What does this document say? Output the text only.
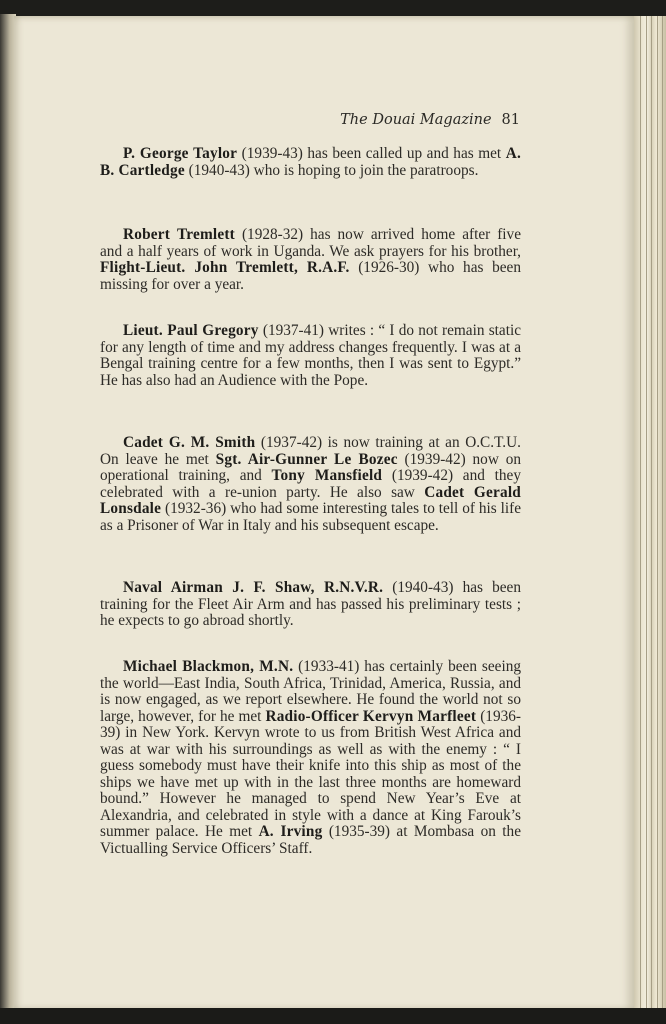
The Douai Magazine 81

P. George Taylor (1939-43) has been called up and has met A. B. Cartledge (1940-43) who is hoping to join the paratroops.

Robert Tremlett (1928-32) has now arrived home after five and a half years of work in Uganda. We ask prayers for his brother, Flight-Lieut. John Tremlett, R.A.F. (1926-30) who has been missing for over a year.

Lieut. Paul Gregory (1937-41) writes : “ I do not remain static for any length of time and my address changes frequently. I was at a Bengal training centre for a few months, then I was sent to Egypt.” He has also had an Audience with the Pope.

Cadet G. M. Smith (1937-42) is now training at an O.C.T.U. On leave he met Sgt. Air-Gunner Le Bozec (1939-42) now on operational training, and Tony Mansfield (1939-42) and they celebrated with a re-union party. He also saw Cadet Gerald Lonsdale (1932-36) who had some interesting tales to tell of his life as a Prisoner of War in Italy and his subsequent escape.

Naval Airman J. F. Shaw, R.N.V.R. (1940-43) has been training for the Fleet Air Arm and has passed his preliminary tests ; he expects to go abroad shortly.

Michael Blackmon, M.N. (1933-41) has certainly been seeing the world—East India, South Africa, Trinidad, America, Russia, and is now engaged, as we report elsewhere. He found the world not so large, however, for he met Radio-Officer Kervyn Marfleet (1936-39) in New York. Kervyn wrote to us from British West Africa and was at war with his surroundings as well as with the enemy : “ I guess somebody must have their knife into this ship as most of the ships we have met up with in the last three months are homeward bound.” However he managed to spend New Year’s Eve at Alexandria, and celebrated in style with a dance at King Farouk’s summer palace. He met A. Irving (1935-39) at Mombasa on the Victualling Service Officers’ Staff.
